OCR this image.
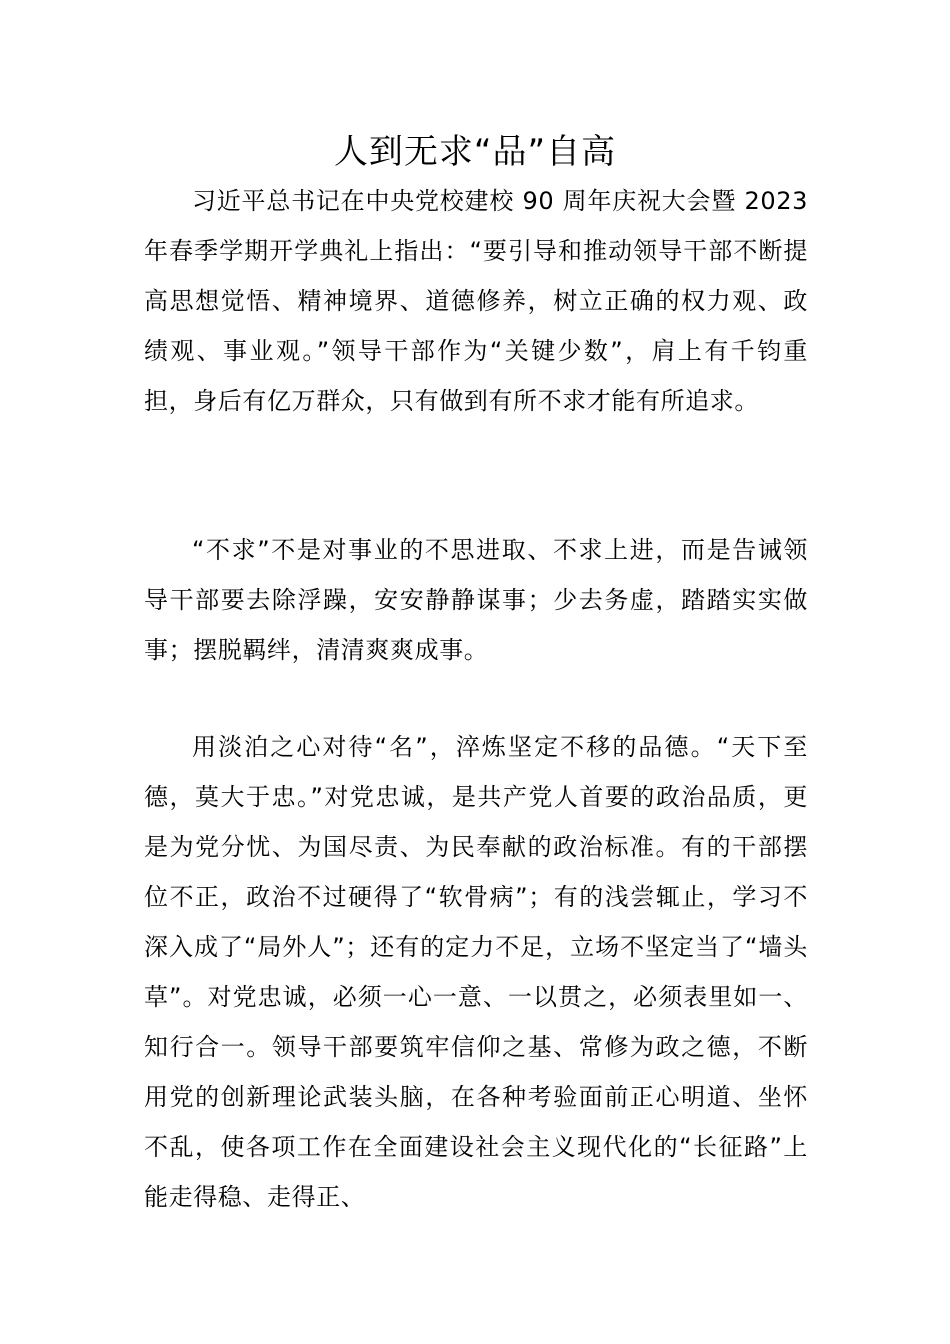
人到无求“品”自高
习近平总书记在中央党校建校 90 周年庆祝大会暨 2023 年春季学期开学典礼上指出：“要引导和推动领导干部不断提高思想觉悟、精神境界、道德修养，树立正确的权力观、政绩观、事业观。”领导干部作为“关键少数”，肩上有千钧重担，身后有亿万群众，只有做到有所不求才能有所追求。
“不求”不是对事业的不思进取、不求上进，而是告诫领导干部要去除浮躁，安安静静谋事；少去务虚，踏踏实实做事；摆脱羁绊，清清爽爽成事。
用淡泊之心对待“名”，淬炼坚定不移的品德。“天下至德，莫大于忠。”对党忠诚，是共产党人首要的政治品质，更是为党分忧、为国尽责、为民奉献的政治标准。有的干部摆位不正，政治不过硬得了“软骨病”；有的浅尝辄止，学习不深入成了“局外人”；还有的定力不足，立场不坚定当了“墙头草”。对党忠诚，必须一心一意、一以贯之，必须表里如一、知行合一。领导干部要筑牢信仰之基、常修为政之德，不断用党的创新理论武装头脑，在各种考验面前正心明道、坐怀不乱，使各项工作在全面建设社会主义现代化的“长征路”上能走得稳、走得正、
